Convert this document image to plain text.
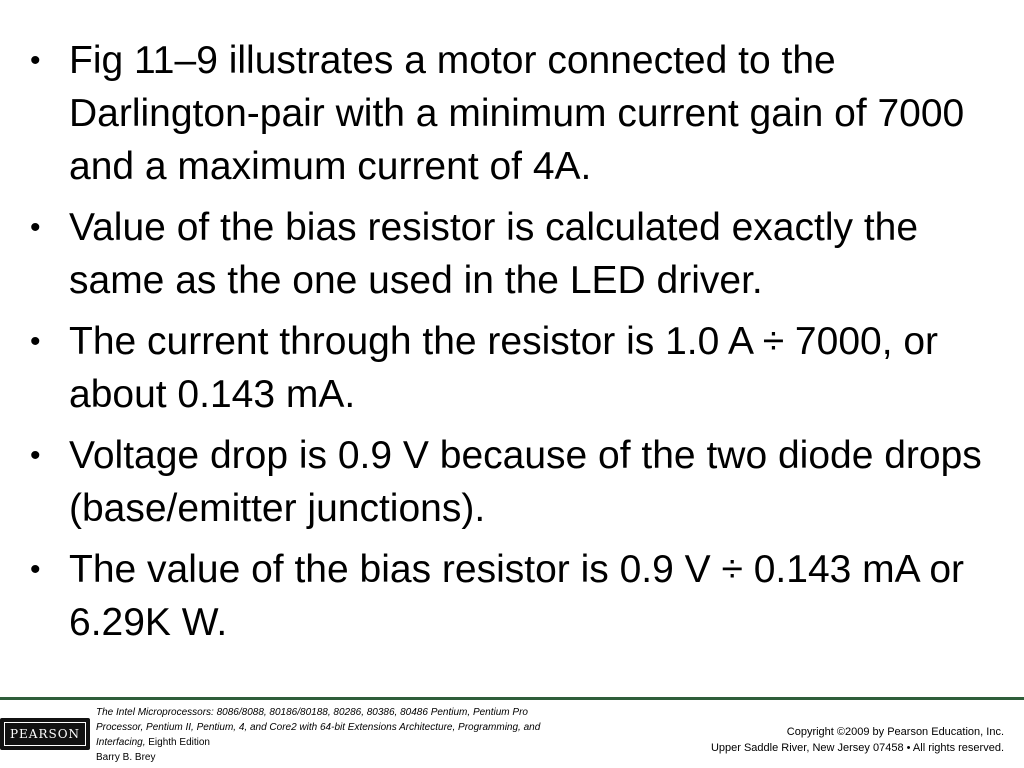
• Fig 11–9 illustrates a motor connected to the Darlington-pair with a minimum current gain of 7000 and a maximum current of 4A.
• Value of the bias resistor is calculated exactly the same as the one used in the LED driver.
• The current through the resistor is 1.0 A ÷ 7000, or about 0.143 mA.
• Voltage drop is 0.9 V because of the two diode drops (base/emitter junctions).
• The value of the bias resistor is 0.9 V ÷ 0.143 mA or 6.29K W.
PEARSON
The Intel Microprocessors: 8086/8088, 80186/80188, 80286, 80386, 80486 Pentium, Pentium Pro Processor, Pentium II, Pentium, 4, and Core2 with 64-bit Extensions Architecture, Programming, and Interfacing, Eighth Edition
Barry B. Brey
Copyright ©2009 by Pearson Education, Inc.
Upper Saddle River, New Jersey 07458 • All rights reserved.
